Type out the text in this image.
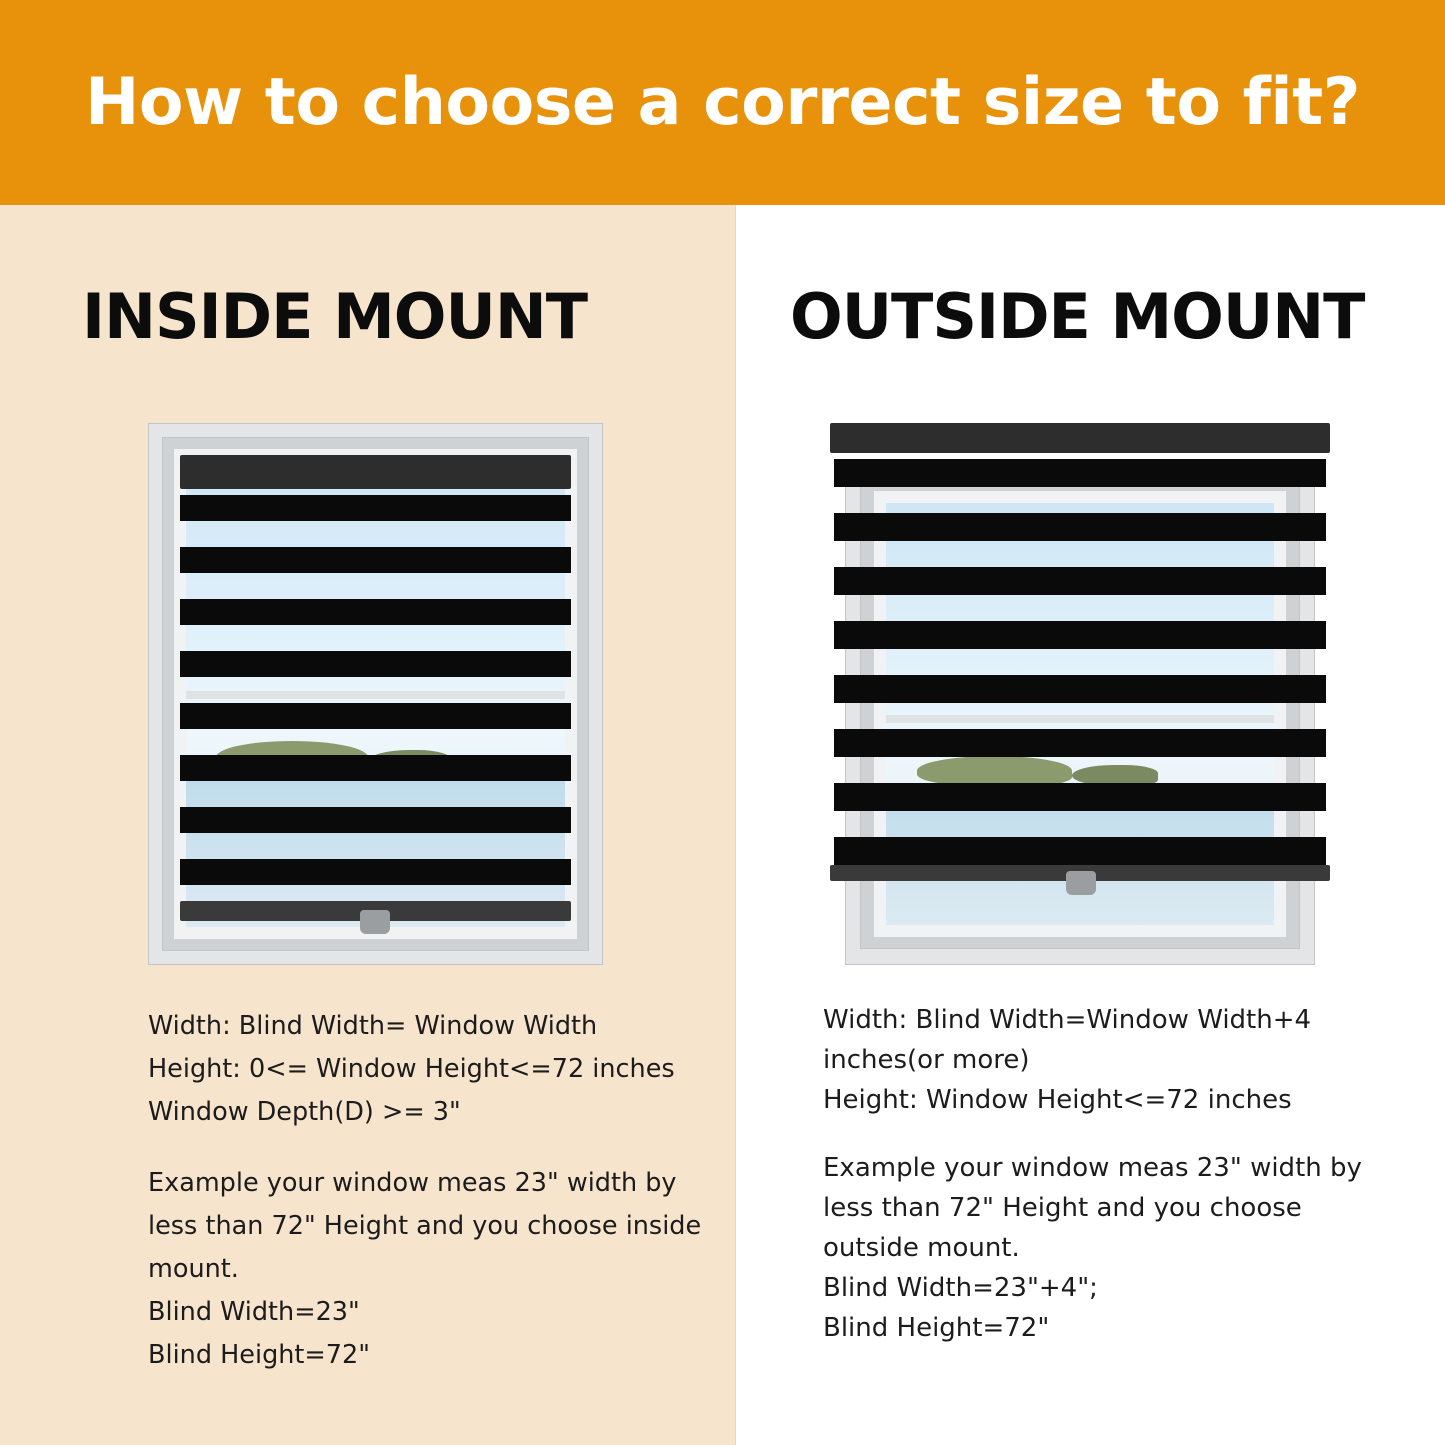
How to choose a correct size to fit?
INSIDE MOUNT

Width: Blind Width= Window Width

Height: 0<= Window Height<=72 inches

Window Depth(D) >= 3"

Example your window meas 23" width by

less than 72" Height and you choose inside

mount.

Blind Width=23"

Blind Height=72"

OUTSIDE MOUNT

Width: Blind Width=Window Width+4

inches(or more)

Height: Window Height<=72 inches

Example your window meas 23" width by

less than 72" Height and you choose

outside mount.

Blind Width=23"+4";

Blind Height=72"
